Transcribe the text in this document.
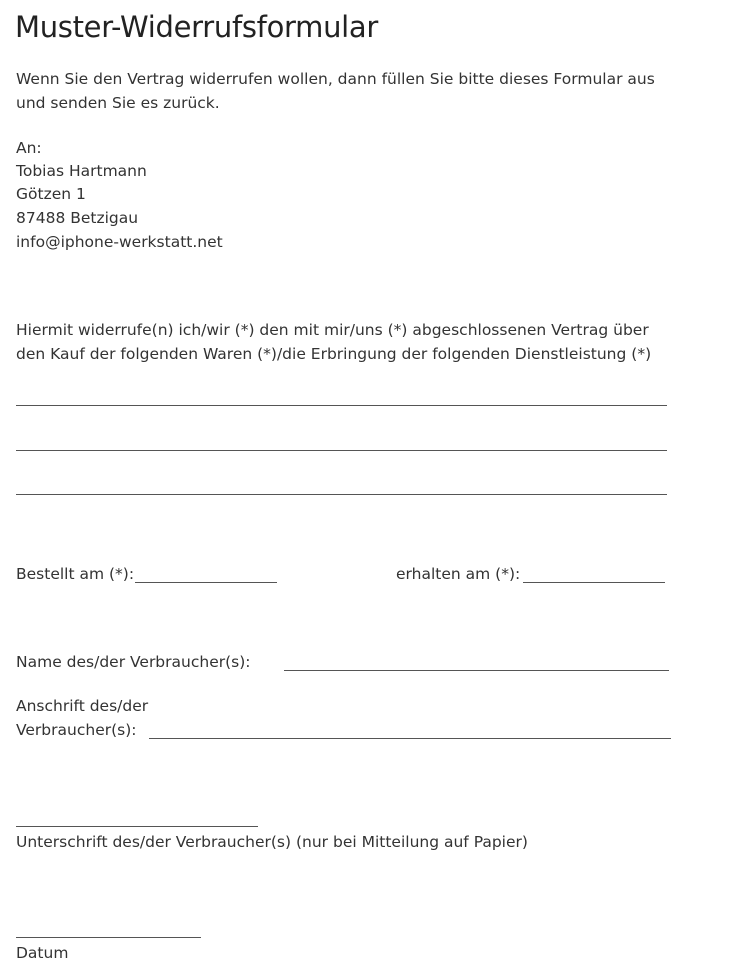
Muster-Widerrufsformular
Wenn Sie den Vertrag widerrufen wollen, dann füllen Sie bitte dieses Formular aus
und senden Sie es zurück.
An:
Tobias Hartmann
Götzen 1
87488 Betzigau
info@iphone-werkstatt.net
Hiermit widerrufe(n) ich/wir (*) den mit mir/uns (*) abgeschlossenen Vertrag über
den Kauf der folgenden Waren (*)/die Erbringung der folgenden Dienstleistung (*)
Bestellt am (*):	erhalten am (*):
Name des/der Verbraucher(s):
Anschrift des/der
Verbraucher(s):
Unterschrift des/der Verbraucher(s) (nur bei Mitteilung auf Papier)
Datum
